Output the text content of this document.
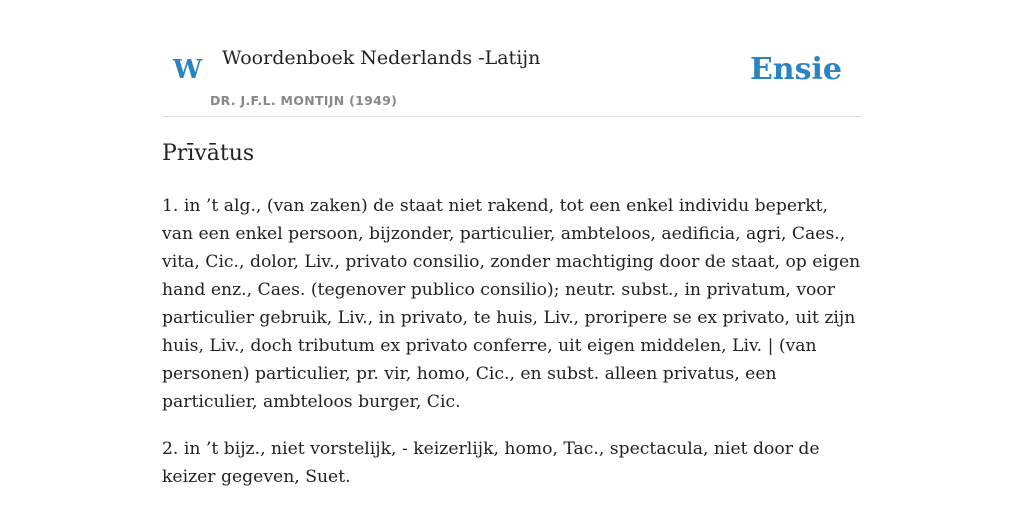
W Woordenboek Nederlands -Latijn
DR. J.F.L. MONTIJN (1949)
Ensie
Prīvātus

1. in ’t alg., (van zaken) de staat niet rakend, tot een enkel individu beperkt, van een enkel persoon, bijzonder, particulier, ambteloos, aedificia, agri, Caes., vita, Cic., dolor, Liv., privato consilio, zonder machtiging door de staat, op eigen hand enz., Caes. (tegenover publico consilio); neutr. subst., in privatum, voor particulier gebruik, Liv., in privato, te huis, Liv., proripere se ex privato, uit zijn huis, Liv., doch tributum ex privato conferre, uit eigen middelen, Liv. | (van personen) particulier, pr. vir, homo, Cic., en subst. alleen privatus, een particulier, ambteloos burger, Cic.

2. in ’t bijz., niet vorstelijk, - keizerlijk, homo, Tac., spectacula, niet door de keizer gegeven, Suet.
